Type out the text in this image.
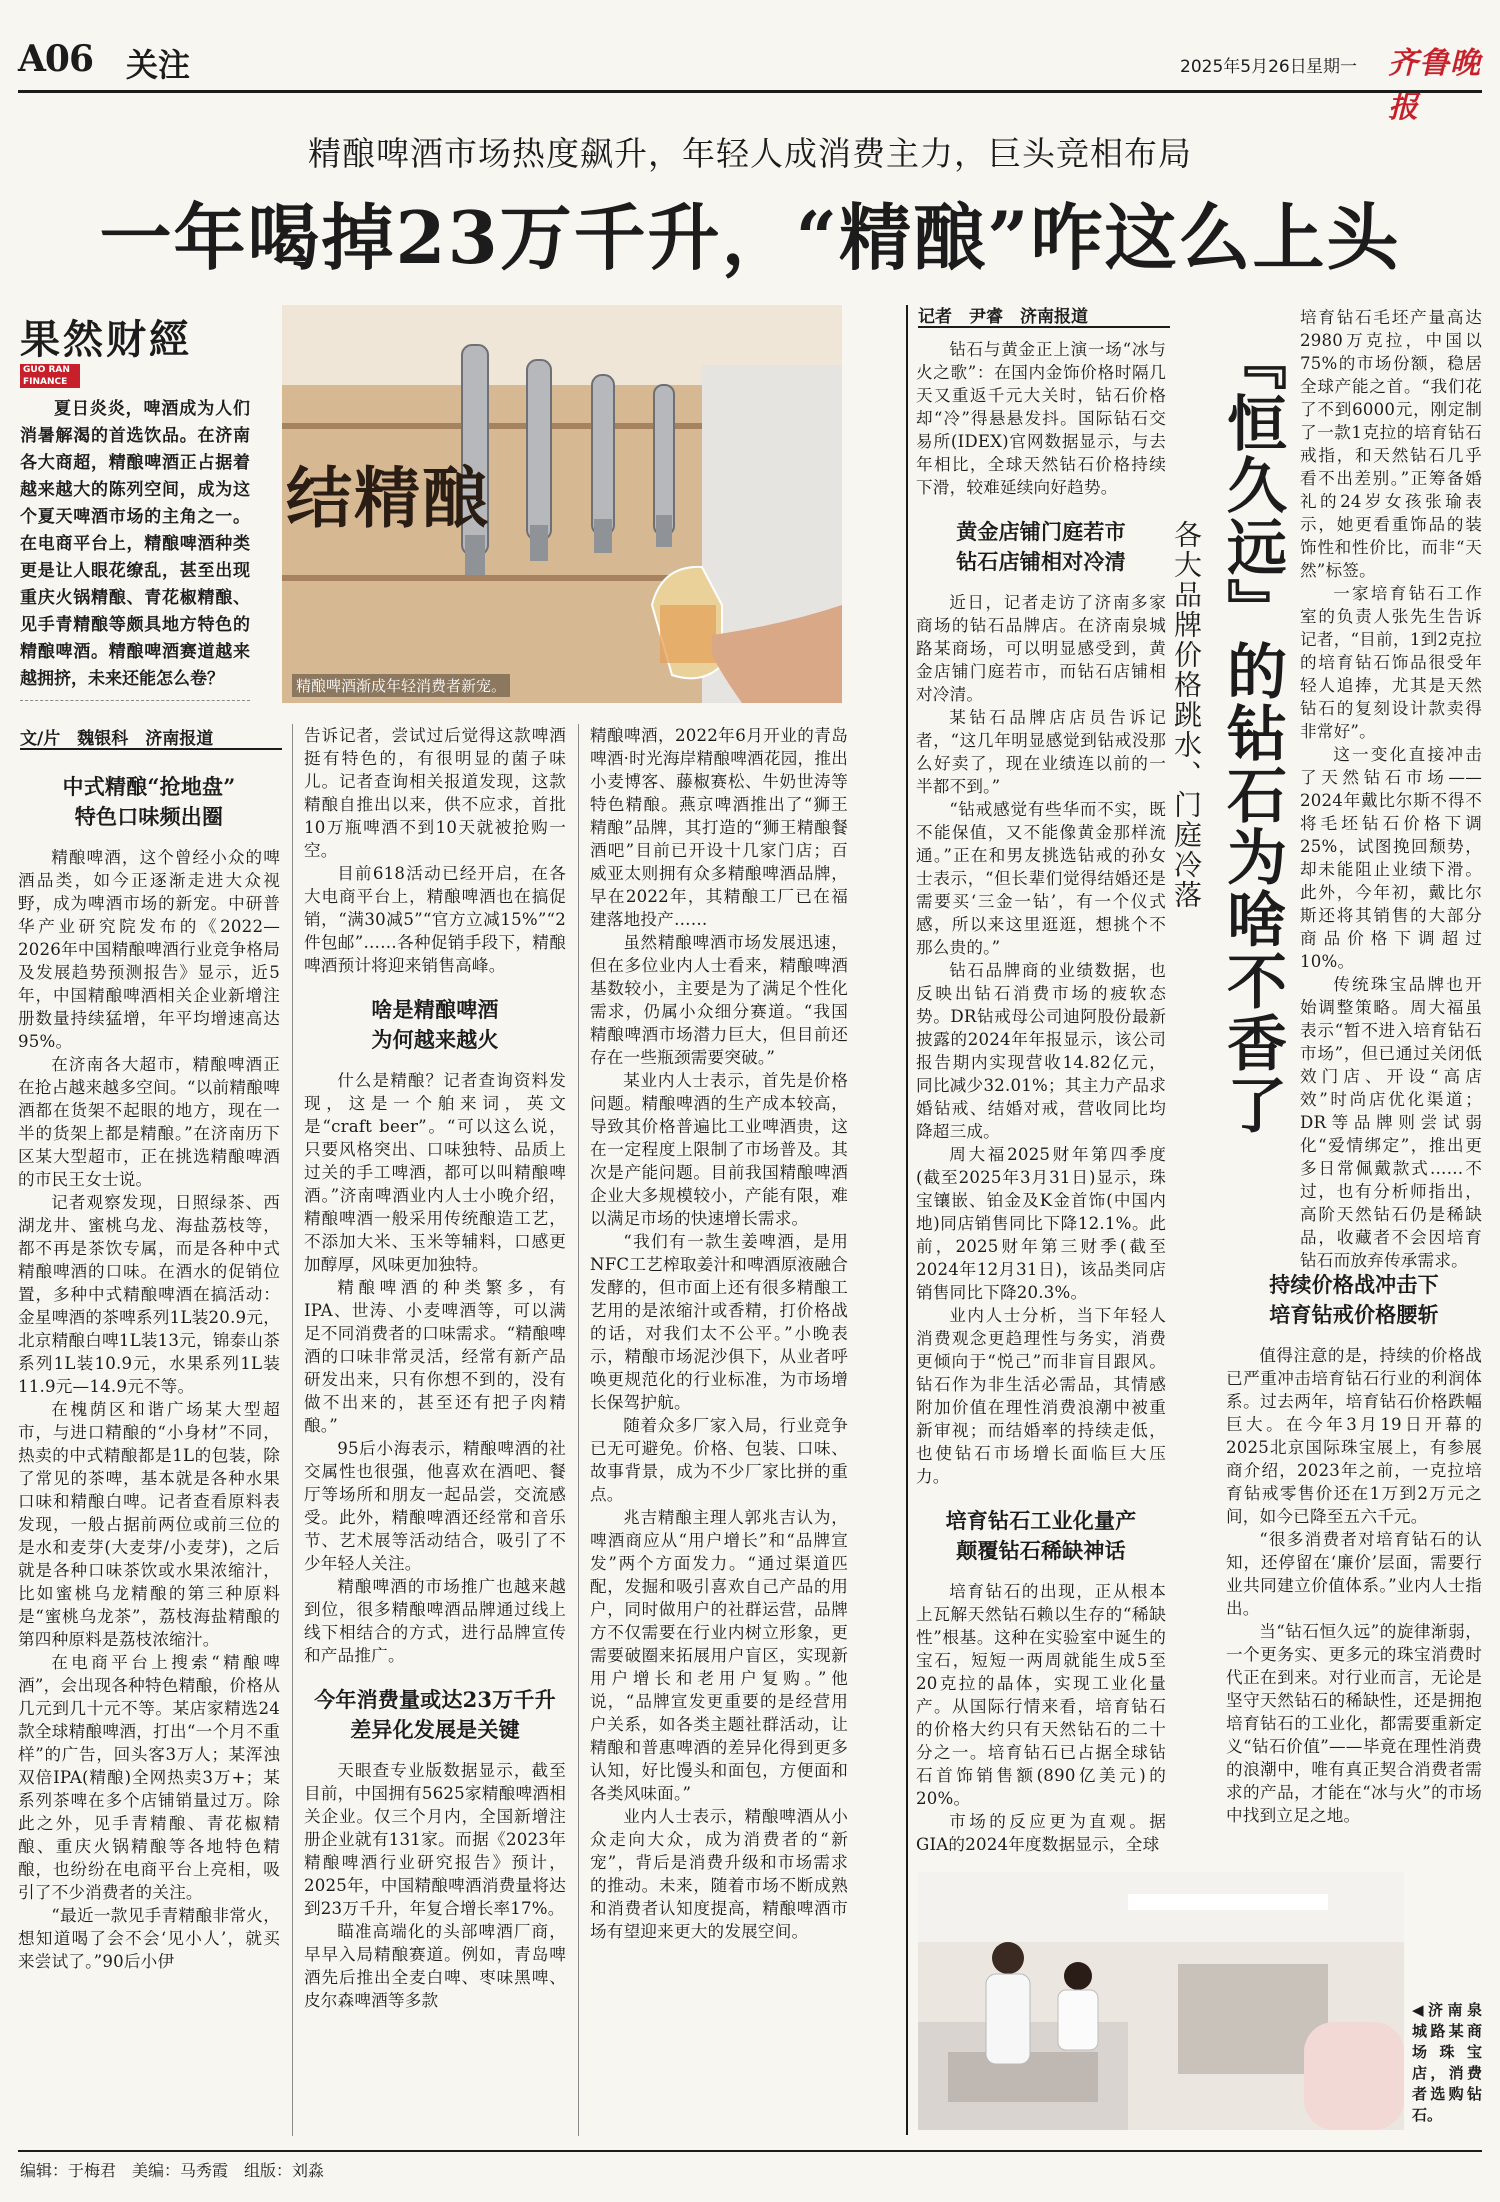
A06 关注	2025年5月26日 星期一 齐鲁晚报
精酿啤酒市场热度飙升，年轻人成消费主力，巨头竞相布局
一年喝掉23万千升，“精酿”咋这么上头
果然财經
GUO RAN FINANCE
夏日炎炎，啤酒成为人们消暑解渴的首选饮品。在济南各大商超，精酿啤酒正占据着越来越大的陈列空间，成为这个夏天啤酒市场的主角之一。在电商平台上，精酿啤酒种类更是让人眼花缭乱，甚至出现重庆火锅精酿、青花椒精酿、见手青精酿等颇具地方特色的精酿啤酒。精酿啤酒赛道越来越拥挤，未来还能怎么卷？
结精酿
精酿啤酒渐成年轻消费者新宠。
文/片　魏银科　济南报道
中式精酿“抢地盘”
特色口味频出圈

精酿啤酒，这个曾经小众的啤酒品类，如今正逐渐走进大众视野，成为啤酒市场的新宠。中研普华产业研究院发布的《2022—2026年中国精酿啤酒行业竞争格局及发展趋势预测报告》显示，近5年，中国精酿啤酒相关企业新增注册数量持续猛增，年平均增速高达95%。

在济南各大超市，精酿啤酒正在抢占越来越多空间。“以前精酿啤酒都在货架不起眼的地方，现在一半的货架上都是精酿。”在济南历下区某大型超市，正在挑选精酿啤酒的市民王女士说。

记者观察发现，日照绿茶、西湖龙井、蜜桃乌龙、海盐荔枝等，都不再是茶饮专属，而是各种中式精酿啤酒的口味。在酒水的促销位置，多种中式精酿啤酒在搞活动：金星啤酒的茶啤系列1L装20.9元，北京精酿白啤1L装13元，锦泰山茶系列1L装10.9元，水果系列1L装11.9元—14.9元不等。

在槐荫区和谐广场某大型超市，与进口精酿的“小身材”不同，热卖的中式精酿都是1L的包装，除了常见的茶啤，基本就是各种水果口味和精酿白啤。记者查看原料表发现，一般占据前两位或前三位的是水和麦芽(大麦芽/小麦芽)，之后就是各种口味茶饮或水果浓缩汁，比如蜜桃乌龙精酿的第三种原料是“蜜桃乌龙茶”，荔枝海盐精酿的第四种原料是荔枝浓缩汁。

在电商平台上搜索“精酿啤酒”，会出现各种特色精酿，价格从几元到几十元不等。某店家精选24款全球精酿啤酒，打出“一个月不重样”的广告，回头客3万人；某浑浊双倍IPA(精酿)全网热卖3万+；某系列茶啤在多个店铺销量过万。除此之外，见手青精酿、青花椒精酿、重庆火锅精酿等各地特色精酿，也纷纷在电商平台上亮相，吸引了不少消费者的关注。

“最近一款见手青精酿非常火，想知道喝了会不会‘见小人’，就买来尝试了。”90后小伊

告诉记者，尝试过后觉得这款啤酒挺有特色的，有很明显的菌子味儿。记者查询相关报道发现，这款精酿自推出以来，供不应求，首批10万瓶啤酒不到10天就被抢购一空。

目前618活动已经开启，在各大电商平台上，精酿啤酒也在搞促销，“满30减5”“官方立减15%”“2件包邮”……各种促销手段下，精酿啤酒预计将迎来销售高峰。

啥是精酿啤酒
为何越来越火

什么是精酿？记者查询资料发现，这是一个舶来词，英文是“craft beer”。“可以这么说，只要风格突出、口味独特、品质上过关的手工啤酒，都可以叫精酿啤酒。”济南啤酒业内人士小晚介绍，精酿啤酒一般采用传统酿造工艺，不添加大米、玉米等辅料，口感更加醇厚，风味更加独特。

精酿啤酒的种类繁多，有IPA、世涛、小麦啤酒等，可以满足不同消费者的口味需求。“精酿啤酒的口味非常灵活，经常有新产品研发出来，只有你想不到的，没有做不出来的，甚至还有把子肉精酿。”

95后小海表示，精酿啤酒的社交属性也很强，他喜欢在酒吧、餐厅等场所和朋友一起品尝，交流感受。此外，精酿啤酒还经常和音乐节、艺术展等活动结合，吸引了不少年轻人关注。

精酿啤酒的市场推广也越来越到位，很多精酿啤酒品牌通过线上线下相结合的方式，进行品牌宣传和产品推广。

今年消费量或达23万千升
差异化发展是关键

天眼查专业版数据显示，截至目前，中国拥有5625家精酿啤酒相关企业。仅三个月内，全国新增注册企业就有131家。而据《2023年精酿啤酒行业研究报告》预计，2025年，中国精酿啤酒消费量将达到23万千升，年复合增长率17%。

瞄准高端化的头部啤酒厂商，早早入局精酿赛道。例如，青岛啤酒先后推出全麦白啤、枣味黑啤、皮尔森啤酒等多款

精酿啤酒，2022年6月开业的青岛啤酒·时光海岸精酿啤酒花园，推出小麦博客、藤椒赛松、牛奶世涛等特色精酿。燕京啤酒推出了“狮王精酿”品牌，其打造的“狮王精酿餐酒吧”目前已开设十几家门店；百威亚太则拥有众多精酿啤酒品牌，早在2022年，其精酿工厂已在福建落地投产……

虽然精酿啤酒市场发展迅速，但在多位业内人士看来，精酿啤酒基数较小，主要是为了满足个性化需求，仍属小众细分赛道。“我国精酿啤酒市场潜力巨大，但目前还存在一些瓶颈需要突破。”

某业内人士表示，首先是价格问题。精酿啤酒的生产成本较高，导致其价格普遍比工业啤酒贵，这在一定程度上限制了市场普及。其次是产能问题。目前我国精酿啤酒企业大多规模较小，产能有限，难以满足市场的快速增长需求。

“我们有一款生姜啤酒，是用NFC工艺榨取姜汁和啤酒原液融合发酵的，但市面上还有很多精酿工艺用的是浓缩汁或香精，打价格战的话，对我们太不公平。”小晚表示，精酿市场泥沙俱下，从业者呼唤更规范化的行业标准，为市场增长保驾护航。

随着众多厂家入局，行业竞争已无可避免。价格、包装、口味、故事背景，成为不少厂家比拼的重点。

兆吉精酿主理人郭兆吉认为，啤酒商应从“用户增长”和“品牌宣发”两个方面发力。“通过渠道匹配，发掘和吸引喜欢自己产品的用户，同时做用户的社群运营，品牌方不仅需要在行业内树立形象，更需要破圈来拓展用户盲区，实现新用户增长和老用户复购。”他说，“品牌宣发更重要的是经营用户关系，如各类主题社群活动，让精酿和普惠啤酒的差异化得到更多认知，好比馒头和面包，方便面和各类风味面。”

业内人士表示，精酿啤酒从小众走向大众，成为消费者的“新宠”，背后是消费升级和市场需求的推动。未来，随着市场不断成熟和消费者认知度提高，精酿啤酒市场有望迎来更大的发展空间。

记者　尹睿　济南报道
『恒久远』的钻石为啥不香了
各大品牌价格跳水、门庭冷落

钻石与黄金正上演一场“冰与火之歌”：在国内金饰价格时隔几天又重返千元大关时，钻石价格却“冷”得悬悬发抖。国际钻石交易所(IDEX)官网数据显示，与去年相比，全球天然钻石价格持续下滑，较难延续向好趋势。

黄金店铺门庭若市
钻石店铺相对冷清

近日，记者走访了济南多家商场的钻石品牌店。在济南泉城路某商场，可以明显感受到，黄金店铺门庭若市，而钻石店铺相对冷清。

某钻石品牌店店员告诉记者，“这几年明显感觉到钻戒没那么好卖了，现在业绩连以前的一半都不到。”

“钻戒感觉有些华而不实，既不能保值，又不能像黄金那样流通。”正在和男友挑选钻戒的孙女士表示，“但长辈们觉得结婚还是需要买‘三金一钻’，有一个仪式感，所以来这里逛逛，想挑个不那么贵的。”

钻石品牌商的业绩数据，也反映出钻石消费市场的疲软态势。DR钻戒母公司迪阿股份最新披露的2024年年报显示，该公司报告期内实现营收14.82亿元，同比减少32.01%；其主力产品求婚钻戒、结婚对戒，营收同比均降超三成。

周大福2025财年第四季度(截至2025年3月31日)显示，珠宝镶嵌、铂金及K金首饰(中国内地)同店销售同比下降12.1%。此前，2025财年第三财季(截至2024年12月31日)，该品类同店销售同比下降20.3%。

业内人士分析，当下年轻人消费观念更趋理性与务实，消费更倾向于“悦己”而非盲目跟风。钻石作为非生活必需品，其情感附加价值在理性消费浪潮中被重新审视；而结婚率的持续走低，也使钻石市场增长面临巨大压力。

培育钻石工业化量产
颠覆钻石稀缺神话

培育钻石的出现，正从根本上瓦解天然钻石赖以生存的“稀缺性”根基。这种在实验室中诞生的宝石，短短一两周就能生成5至20克拉的晶体，实现工业化量产。从国际行情来看，培育钻石的价格大约只有天然钻石的二十分之一。培育钻石已占据全球钻石首饰销售额(890亿美元)的20%。

市场的反应更为直观。据GIA的2024年度数据显示，全球

培育钻石毛坯产量高达2980万克拉，中国以75%的市场份额，稳居全球产能之首。“我们花了不到6000元，刚定制了一款1克拉的培育钻石戒指，和天然钻石几乎看不出差别。”正筹备婚礼的24岁女孩张瑜表示，她更看重饰品的装饰性和性价比，而非“天然”标签。

一家培育钻石工作室的负责人张先生告诉记者，“目前，1到2克拉的培育钻石饰品很受年轻人追捧，尤其是天然钻石的复刻设计款卖得非常好”。

这一变化直接冲击了天然钻石市场——2024年戴比尔斯不得不将毛坯钻石价格下调25%，试图挽回颓势，却未能阻止业绩下滑。此外，今年初，戴比尔斯还将其销售的大部分商品价格下调超过10%。

传统珠宝品牌也开始调整策略。周大福虽表示“暂不进入培育钻石市场”，但已通过关闭低效门店、开设“高店效”时尚店优化渠道；DR等品牌则尝试弱化“爱情绑定”，推出更多日常佩戴款式……不过，也有分析师指出，高阶天然钻石仍是稀缺品，收藏者不会因培育钻石而放弃传承需求。

持续价格战冲击下
培育钻戒价格腰斩

值得注意的是，持续的价格战已严重冲击培育钻石行业的利润体系。过去两年，培育钻石价格跌幅巨大。在今年3月19日开幕的2025北京国际珠宝展上，有参展商介绍，2023年之前，一克拉培育钻戒零售价还在1万到2万元之间，如今已降至五六千元。

“很多消费者对培育钻石的认知，还停留在‘廉价’层面，需要行业共同建立价值体系。”业内人士指出。

当“钻石恒久远”的旋律渐弱，一个更务实、更多元的珠宝消费时代正在到来。对行业而言，无论是坚守天然钻石的稀缺性，还是拥抱培育钻石的工业化，都需要重新定义“钻石价值”——毕竟在理性消费的浪潮中，唯有真正契合消费者需求的产品，才能在“冰与火”的市场中找到立足之地。

◀济南泉城路某商场珠宝店，消费者选购钻石。
编辑：于梅君　美编：马秀霞　组版：刘淼
